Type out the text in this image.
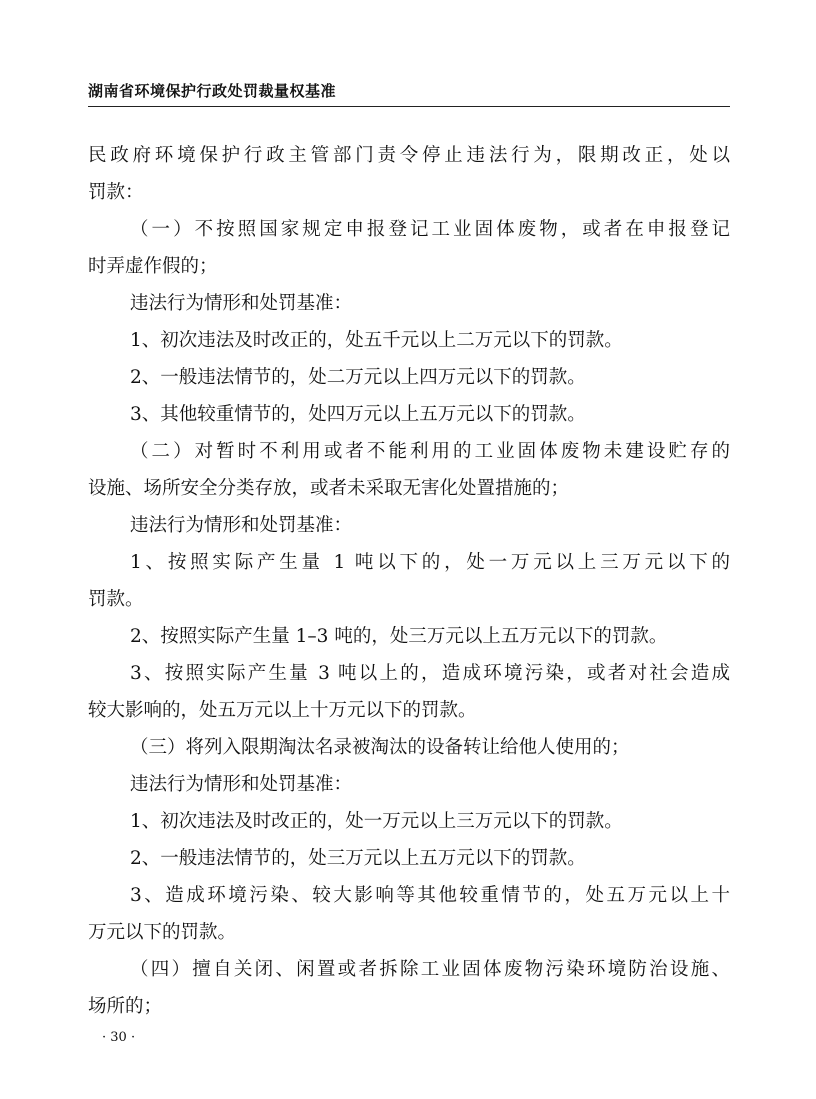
湖南省环境保护行政处罚裁量权基准
民政府环境保护行政主管部门责令停止违法行为，限期改正，处以
罚款：
（一）不按照国家规定申报登记工业固体废物，或者在申报登记
时弄虚作假的；
违法行为情形和处罚基准：
1、初次违法及时改正的，处五千元以上二万元以下的罚款。
2、一般违法情节的，处二万元以上四万元以下的罚款。
3、其他较重情节的，处四万元以上五万元以下的罚款。
（二）对暂时不利用或者不能利用的工业固体废物未建设贮存的
设施、场所安全分类存放，或者未采取无害化处置措施的；
违法行为情形和处罚基准：
1、按照实际产生量 1 吨以下的，处一万元以上三万元以下的
罚款。
2、按照实际产生量 1–3 吨的，处三万元以上五万元以下的罚款。
3、按照实际产生量 3 吨以上的，造成环境污染，或者对社会造成
较大影响的，处五万元以上十万元以下的罚款。
（三）将列入限期淘汰名录被淘汰的设备转让给他人使用的；
违法行为情形和处罚基准：
1、初次违法及时改正的，处一万元以上三万元以下的罚款。
2、一般违法情节的，处三万元以上五万元以下的罚款。
3、造成环境污染、较大影响等其他较重情节的，处五万元以上十
万元以下的罚款。
（四）擅自关闭、闲置或者拆除工业固体废物污染环境防治设施、
场所的；
· 30 ·
